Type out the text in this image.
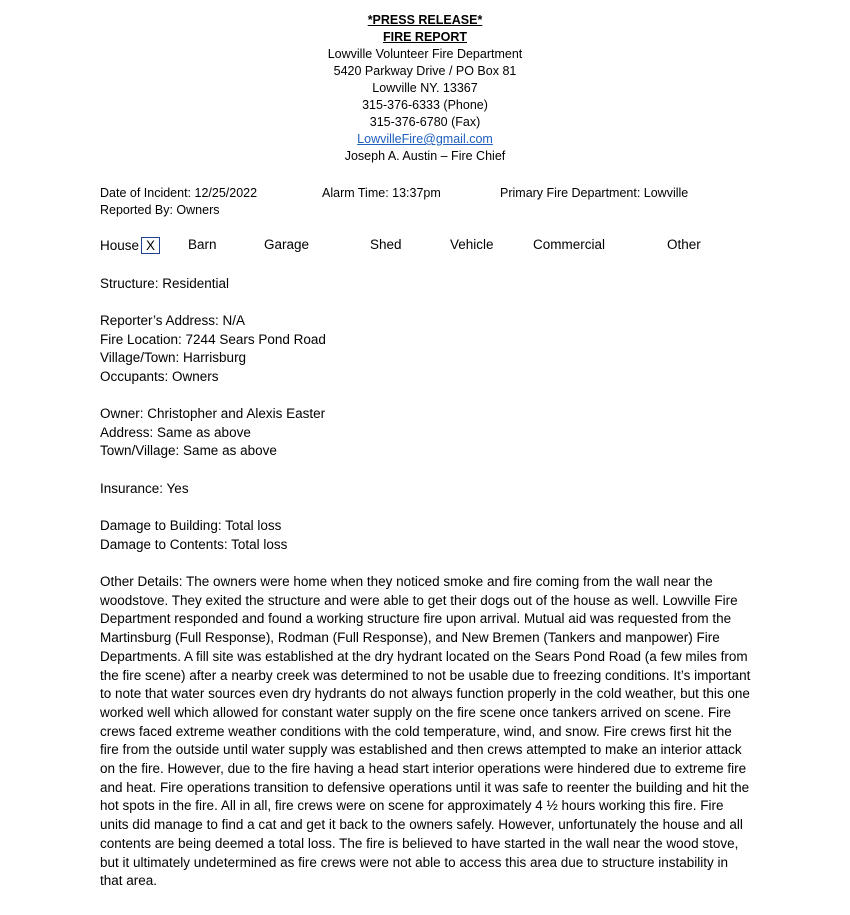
*PRESS RELEASE*
FIRE REPORT
Lowville Volunteer Fire Department
5420 Parkway Drive / PO Box 81
Lowville NY. 13367
315-376-6333 (Phone)
315-376-6780 (Fax)
LowvilleFire@gmail.com
Joseph A. Austin – Fire Chief
Date of Incident: 12/25/2022	Alarm Time: 13:37pm	Primary Fire Department: Lowville
Reported By: Owners
House X	Barn	Garage	Shed	Vehicle	Commercial	Other
Structure: Residential
Reporter’s Address: N/A
Fire Location: 7244 Sears Pond Road
Village/Town: Harrisburg
Occupants: Owners
Owner: Christopher and Alexis Easter
Address: Same as above
Town/Village: Same as above
Insurance: Yes
Damage to Building: Total loss
Damage to Contents: Total loss
Other Details: The owners were home when they noticed smoke and fire coming from the wall near the woodstove. They exited the structure and were able to get their dogs out of the house as well. Lowville Fire Department responded and found a working structure fire upon arrival. Mutual aid was requested from the Martinsburg (Full Response), Rodman (Full Response), and New Bremen (Tankers and manpower) Fire Departments. A fill site was established at the dry hydrant located on the Sears Pond Road (a few miles from the fire scene) after a nearby creek was determined to not be usable due to freezing conditions. It’s important to note that water sources even dry hydrants do not always function properly in the cold weather, but this one worked well which allowed for constant water supply on the fire scene once tankers arrived on scene. Fire crews faced extreme weather conditions with the cold temperature, wind, and snow. Fire crews first hit the fire from the outside until water supply was established and then crews attempted to make an interior attack on the fire. However, due to the fire having a head start interior operations were hindered due to extreme fire and heat. Fire operations transition to defensive operations until it was safe to reenter the building and hit the hot spots in the fire. All in all, fire crews were on scene for approximately 4 ½ hours working this fire. Fire units did manage to find a cat and get it back to the owners safely. However, unfortunately the house and all contents are being deemed a total loss. The fire is believed to have started in the wall near the wood stove, but it ultimately undetermined as fire crews were not able to access this area due to structure instability in that area.
